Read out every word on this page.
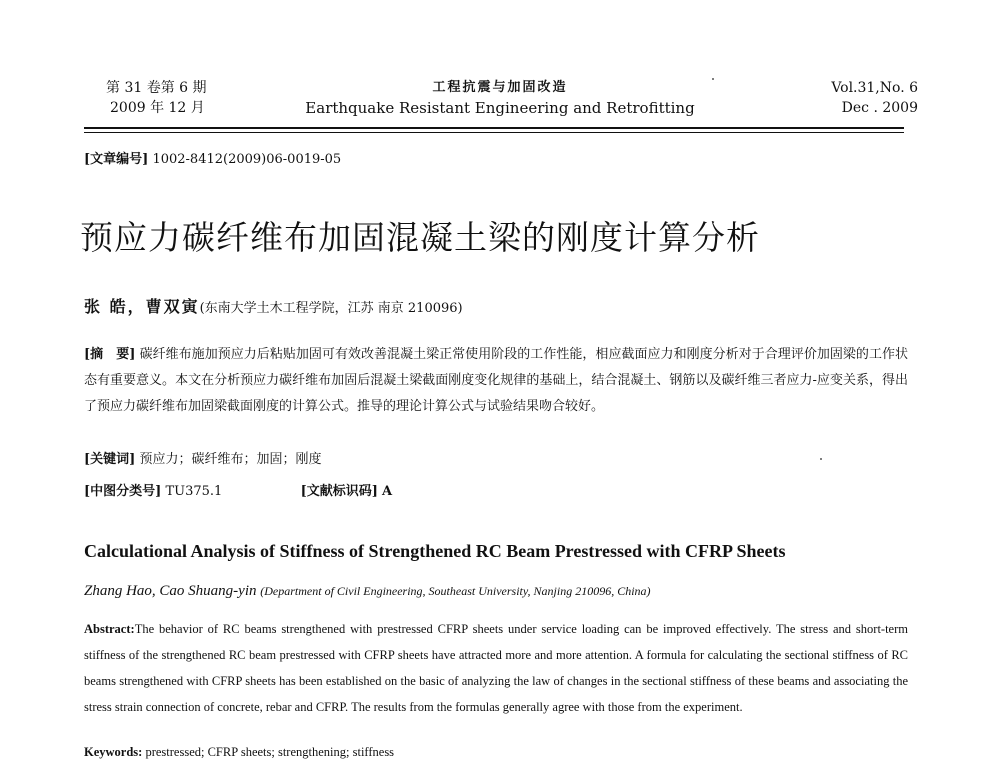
第 31 卷第 6 期
2009 年 12 月
工程抗震与加固改造
Earthquake Resistant Engineering and Retrofitting
Vol.31,No. 6
Dec . 2009
[文章编号] 1002-8412(2009)06-0019-05
预应力碳纤维布加固混凝土梁的刚度计算分析
张 皓，曹双寅(东南大学土木工程学院，江苏 南京 210096)
[摘　要] 碳纤维布施加预应力后粘贴加固可有效改善混凝土梁正常使用阶段的工作性能，相应截面应力和刚度分析对于合理评价加固梁的工作状态有重要意义。本文在分析预应力碳纤维布加固后混凝土梁截面刚度变化规律的基础上，结合混凝土、钢筋以及碳纤维三者应力-应变关系，得出了预应力碳纤维布加固梁截面刚度的计算公式。推导的理论计算公式与试验结果吻合较好。
[关键词] 预应力；碳纤维布；加固；刚度
[中图分类号] TU375.1	[文献标识码] A
Calculational Analysis of Stiffness of Strengthened RC Beam Prestressed with CFRP Sheets
Zhang Hao, Cao Shuang-yin (Department of Civil Engineering, Southeast University, Nanjing 210096, China)
Abstract:The behavior of RC beams strengthened with prestressed CFRP sheets under service loading can be improved effectively. The stress and short-term stiffness of the strengthened RC beam prestressed with CFRP sheets have attracted more and more attention. A formula for calculating the sectional stiffness of RC beams strengthened with CFRP sheets has been established on the basic of analyzing the law of changes in the sectional stiffness of these beams and associating the stress strain connection of concrete, rebar and CFRP. The results from the formulas generally agree with those from the experiment.
Keywords: prestressed; CFRP sheets; strengthening; stiffness
